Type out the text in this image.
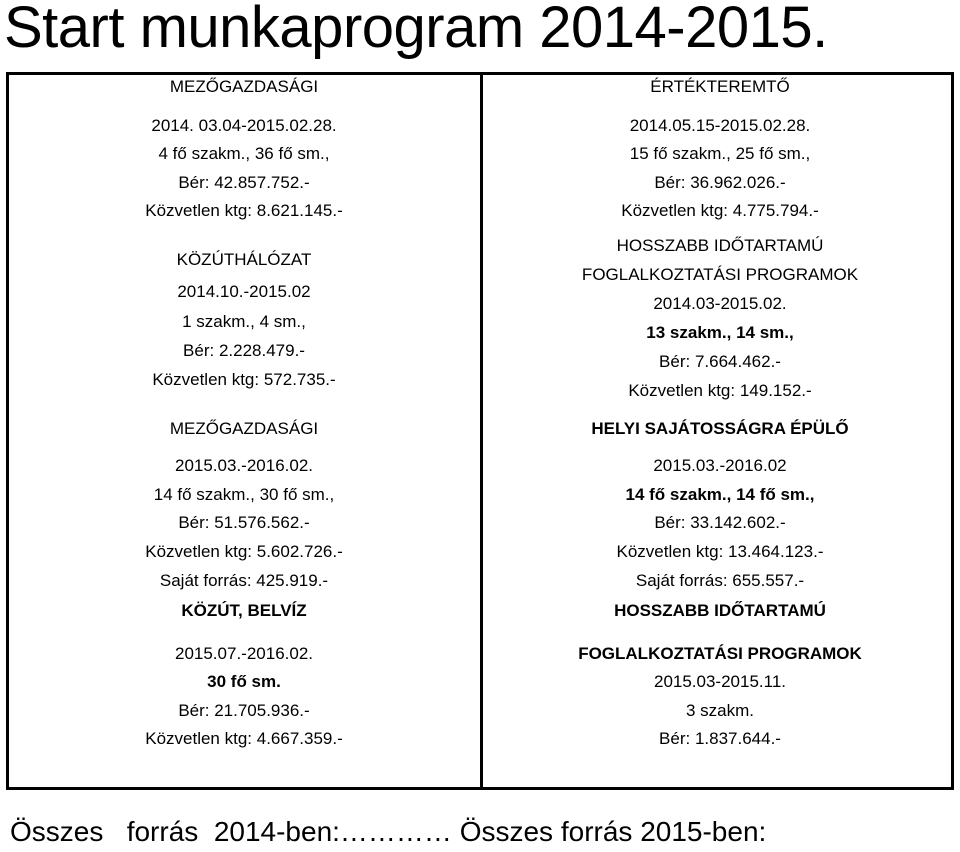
Start munkaprogram 2014-2015.
MEZŐGAZDASÁGI
2014. 03.04-2015.02.28.
4 fő szakm., 36 fő sm.,
Bér: 42.857.752.-
Közvetlen ktg: 8.621.145.-
KÖZÚTHÁLÓZAT
2014.10.-2015.02
1 szakm., 4 sm.,
Bér: 2.228.479.-
Közvetlen ktg: 572.735.-
MEZŐGAZDASÁGI
2015.03.-2016.02.
14 fő szakm., 30 fő sm.,
Bér: 51.576.562.-
Közvetlen ktg: 5.602.726.-
Saját forrás: 425.919.-
KÖZÚT, BELVÍZ
2015.07.-2016.02.
30 fő sm.
Bér: 21.705.936.-
Közvetlen ktg: 4.667.359.-
ÉRTÉKTEREMTŐ
2014.05.15-2015.02.28.
15 fő szakm., 25 fő sm.,
Bér: 36.962.026.-
Közvetlen ktg: 4.775.794.-
HOSSZABB IDŐTARTAMÚ
FOGLALKOZTATÁSI PROGRAMOK
2014.03-2015.02.
13 szakm., 14 sm.,
Bér: 7.664.462.-
Közvetlen ktg: 149.152.-
HELYI SAJÁTOSSÁGRA ÉPÜLŐ
2015.03.-2016.02
14 fő szakm., 14 fő sm.,
Bér: 33.142.602.-
Közvetlen ktg: 13.464.123.-
Saját forrás: 655.557.-
HOSSZABB IDŐTARTAMÚ
FOGLALKOZTATÁSI PROGRAMOK
2015.03-2015.11.
3 szakm.
Bér: 1.837.644.-
Összes   forrás  2014-ben:………… Összes forrás 2015-ben:
